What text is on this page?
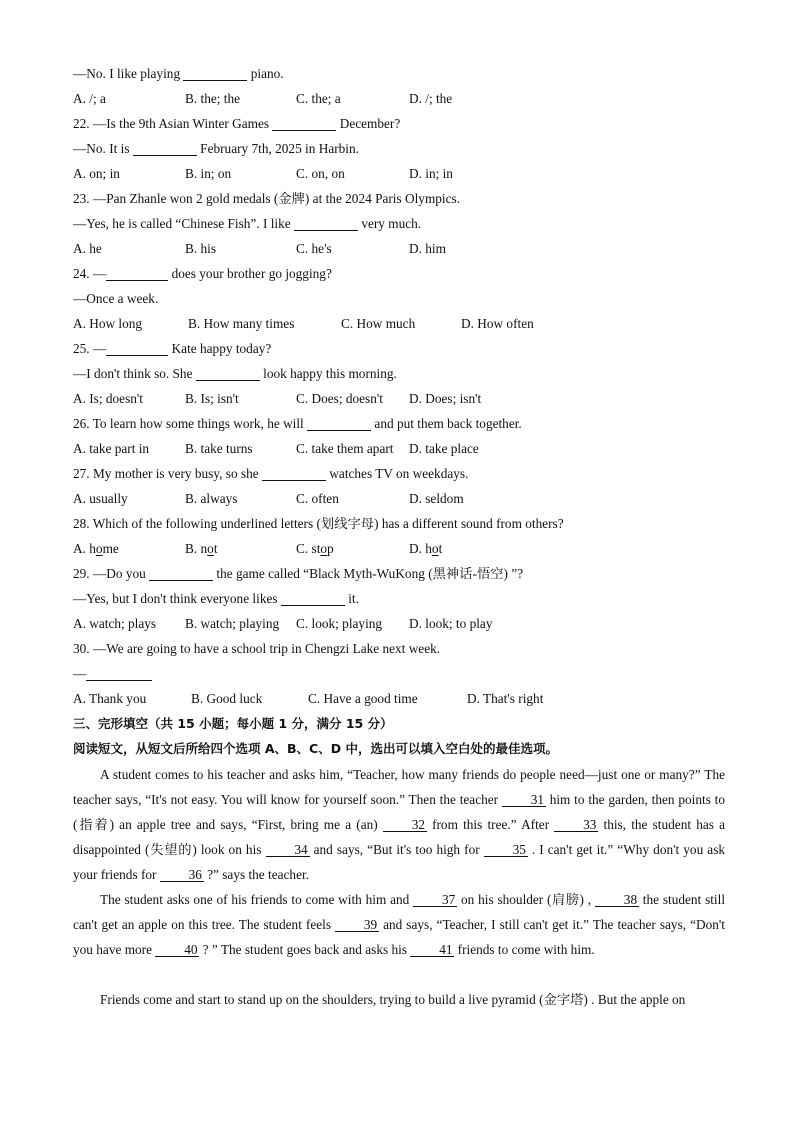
—No. I like playing	piano.
A. /; a	B. the; the	C. the; a	D. /; the
22. —Is the 9th Asian Winter Games	December?
—No. It is	February 7th, 2025 in Harbin.
A. on; in	B. in; on	C. on, on	D. in; in
23. —Pan Zhanle won 2 gold medals (金牌) at the 2024 Paris Olympics.
—Yes, he is called “Chinese Fish”. I like	very much.
A. he	B. his	C. he's	D. him
24. —	does your brother go jogging?
—Once a week.
A. How long	B. How many times	C. How much	D. How often
25. —	Kate happy today?
—I don't think so. She	look happy this morning.
A. Is; doesn't	B. Is; isn't	C. Does; doesn't D. Does; isn't
26. To learn how some things work, he will	and put them back together.
A. take part in	B. take turns	C. take them apart D. take place
27. My mother is very busy, so she	watches TV on weekdays.
A. usually	B. always	C. often	D. seldom
28. Which of the following underlined letters (划线字母) has a different sound from others?
A. home	B. not	C. stop	D. hot
29. —Do you	the game called “Black Myth-WuKong (黑神话-悟空) ”?
—Yes, but I don't think everyone likes	it.
A. watch; plays B. watch; playing C. look; playing D. look; to play
30. —We are going to have a school trip in Chengzi Lake next week.
—
A. Thank you	B. Good luck	C. Have a good time	D. That's right
三、完形填空（共 15 小题；每小题 1 分，满分 15 分）
阅读短文，从短文后所给四个选项 A、B、C、D 中，选出可以填入空白处的最佳选项。
A student comes to his teacher and asks him, “Teacher, how many friends do people need—just one or many?” The teacher says, “It's not easy. You will know for yourself soon.” Then the teacher 31 him to the garden, then points to (指着) an apple tree and says, “First, bring me a (an)	32 from this tree.” After	33 this, the student has a disappointed (失望的) look on his 34 and says, “But it's too high for 35 . I can't get it.” “Why don't you ask your friends for 36 ?” says the teacher.
The student asks one of his friends to come with him and 37 on his shoulder (肩膀) , 38 the student still can't get an apple on this tree. The student feels 39 and says, “Teacher, I still can't get it.” The teacher says, “Don't you have more 40 ? ” The student goes back and asks his 41 friends to come with him.
Friends come and start to stand up on the shoulders, trying to build a live pyramid (金字塔) . But the apple on
